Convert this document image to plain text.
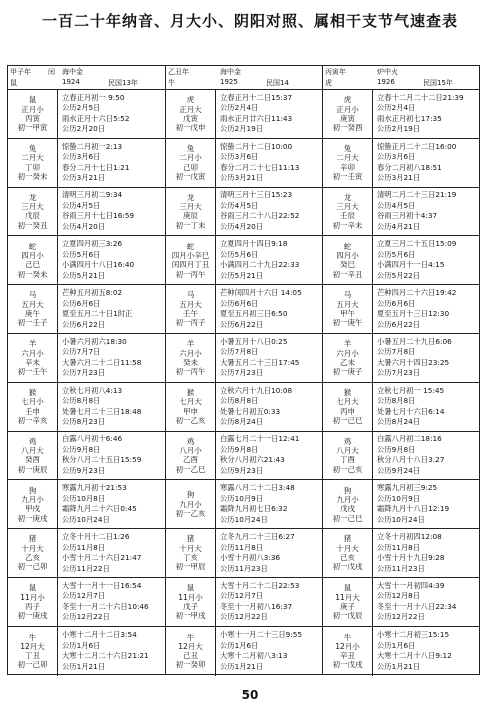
一百二十年纳音、月大小、阴阳对照、属相干支节气速查表
甲子年
鼠
海中金
1924
闰
民国13年
鼠
正月小
丙寅
初一甲寅
立春正月初一 9:50
公历2月5日
雨水正月十六日5:52
公历2月20日
兔
二月大
丁卯
初一癸未
惊蛰二月初一2:13
公历3月6日
春分二月十七日1:21
公历3月21日
龙
三月大
戊辰
初一癸丑
清明三月初二9:34
公历4月5日
谷雨三月十七日16:59
公历4月20日
蛇
四月小
己巳
初一癸未
立夏四月初三3:26
公历5月6日
小满四月十八日16:40
公历5月21日
马
五月大
庚午
初一壬子
芒种五月初五8:02
公历6月6日
夏至五月二十日1时正
公历6月22日
羊
六月小
辛未
初一壬午
小暑六月初六18:30
公历7月7日
大暑六月二十二日11:58
公历7月23日
猴
七月小
壬申
初一辛亥
立秋七月初八4:13
公历8月8日
处暑七月二十三日18:48
公历8月23日
鸡
八月大
癸酉
初一庚辰
白露八月初十6:46
公历9月8日
秋分八月二十五日15:59
公历9月23日
狗
九月小
甲戌
初一庚戌
寒露九月初十21:53
公历10月8日
霜降九月二十六日0:45
公历10月24日
猪
十月大
乙亥
初一己卯
立冬十月十二日1:26
公历11月8日
小雪十月二十六日21:47
公历11月22日
鼠
11月小
丙子
初一庚戌
大雪十一月十一日16:54
公历12月7日
冬至十一月二十六日10:46
公历12月22日
牛
12月大
丁丑
初一己卯
小寒十二月十二日3:54
公历1月6日
大寒十二月二十六日21:21
公历1月21日
乙丑年
牛
海中金
1925	民国14
虎
正月大
戊寅
初一戊申
立春正月十二日15:37
公历2月4日
雨水正月廿六日11:43
公历2月19日
兔
二月小
己卯
初一戊寅
惊蛰二月十二日10:00
公历3月6日
春分二月二十七日11:13
公历3月21日
龙
三月大
庚辰
初一丁未
清明三月十三日15:23
公历4月5日
谷雨三月二十八日22:52
公历4月20日
蛇
四月小辛巳
闰四月丁丑
初一丙午
立夏四月十四日9:18
公历5月6日
小满四月二十九日22:33
公历5月21日
马
五月大
壬午
初一丙子
芒种闰四月十六日 14:05
公历6月6日
夏至五月初三日6:50
公历6月22日
羊
六月小
癸未
初一丙午
小暑五月十八日0:25
公历7月8日
大暑五月二十三日17:45
公历7月23日
猴
七月大
甲申
初一乙亥
立秋六月十九日10:08
公历8月8日
处暑七月初五0:33
公历8月24日
鸡
八月小
乙酉
初一乙巳
白露七月二十一日12:41
公历9月8日
秋分八月初六21:43
公历9月23日
狗
九月小
初一乙亥
寒露八月二十二日3:48
公历10月9日
霜降九月初七日6:32
公历10月24日
猪
十月大
丁亥
初一甲辰
立冬九月二十三日6:27
公历11月8日
小雪十月初八3:36
公历11月23日
鼠
11月小
戊子
初一甲戌
大雪十月二十二日22:53
公历12月7日
冬至十一月初八16:37
公历12月22日
牛
12月大
己丑
初一癸卯
小寒十一月二十三日9:55
公历1月6日
大寒十二月初八3:13
公历1月21日
丙寅年
虎
炉中火
1926	民国15年
虎
正月小
庚寅
初一癸酉
立春十二月二十二日21:39
公历2月4日
雨水正月初七17:35
公历2月19日
兔
二月大
辛卯
初一壬寅
惊蛰正月二十二日16:00
公历3月6日
春分二月初八18:51
公历3月21日
龙
三月大
壬辰
初一辛未
清明二月二十三日21:19
公历4月5日
谷雨三月初十4:37
公历4月21日
蛇
四月小
癸巳
初一辛丑
立夏三月二十五日15:09
公历5月6日
小满四月十一日4:15
公历5月22日
马
五月大
甲午
初一庚午
芒种四月二十六日19:42
公历6月6日
夏至五月十三日12:30
公历6月22日
羊
六月小
乙未
初一庚子
小暑五月二十九日6:06
公历7月8日
大暑六月十四日23:25
公历7月23日
猴
七月大
丙申
初一己巳
立秋七月初一 15:45
公历8月8日
处暑七月十六日6:14
公历8月24日
鸡
八月大
丁酉
初一己亥
白露八月初二18:16
公历9月8日
秋分八月十八日3:27
公历9月24日
狗
九月小
戊戌
初一己巳
寒露九月初三9:25
公历10月9日
霜降九月十八日12:19
公历10月24日
猪
十月大
己亥
初一戊戌
立冬十月初四12:08
公历11月8日
小雪十月十九日9:28
公历11月23日
鼠
11月大
庚子
初一戊辰
大雪十一月初四4:39
公历12月8日
冬至十一月十八日22:34
公历12月22日
牛
12月小
辛丑
初一戊戌
小寒十二月初三15:15
公历1月6日
大寒十二月十八日9:12
公历1月21日
50
